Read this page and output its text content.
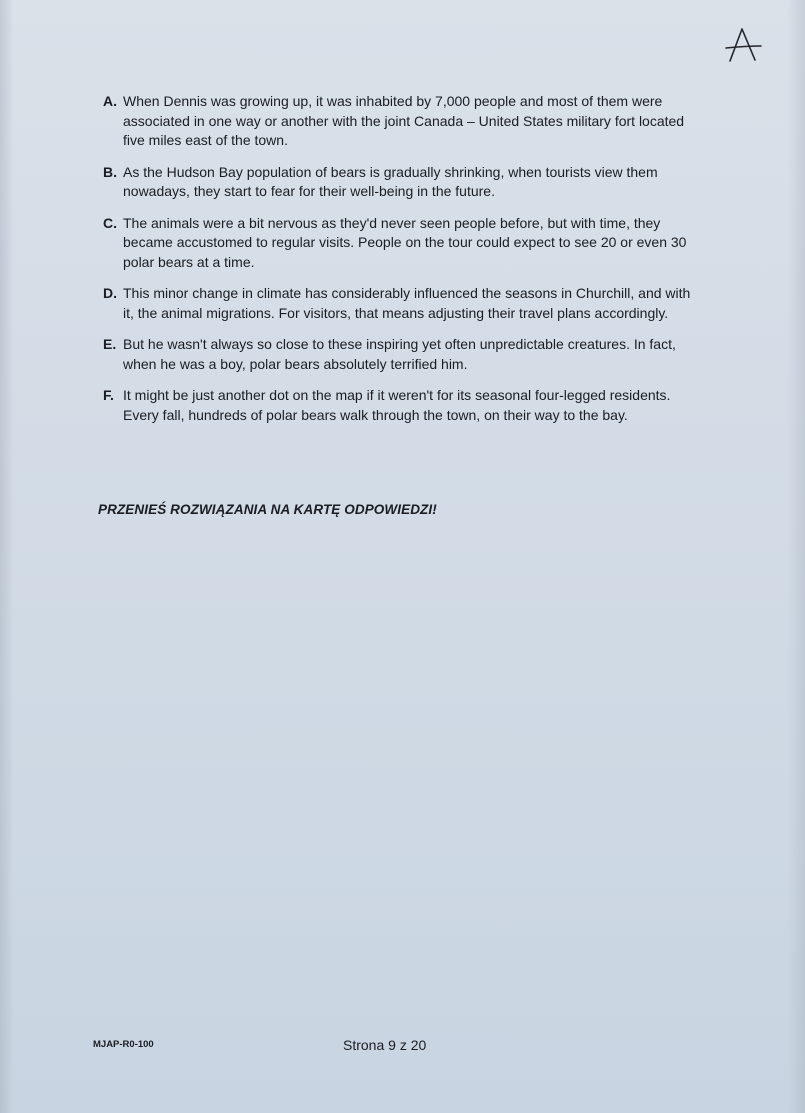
A. When Dennis was growing up, it was inhabited by 7,000 people and most of them were associated in one way or another with the joint Canada – United States military fort located five miles east of the town.
B. As the Hudson Bay population of bears is gradually shrinking, when tourists view them nowadays, they start to fear for their well-being in the future.
C. The animals were a bit nervous as they'd never seen people before, but with time, they became accustomed to regular visits. People on the tour could expect to see 20 or even 30 polar bears at a time.
D. This minor change in climate has considerably influenced the seasons in Churchill, and with it, the animal migrations. For visitors, that means adjusting their travel plans accordingly.
E. But he wasn't always so close to these inspiring yet often unpredictable creatures. In fact, when he was a boy, polar bears absolutely terrified him.
F. It might be just another dot on the map if it weren't for its seasonal four-legged residents. Every fall, hundreds of polar bears walk through the town, on their way to the bay.
PRZENIEŚ ROZWIĄZANIA NA KARTĘ ODPOWIEDZI!
MJAP-R0-100	Strona 9 z 20
